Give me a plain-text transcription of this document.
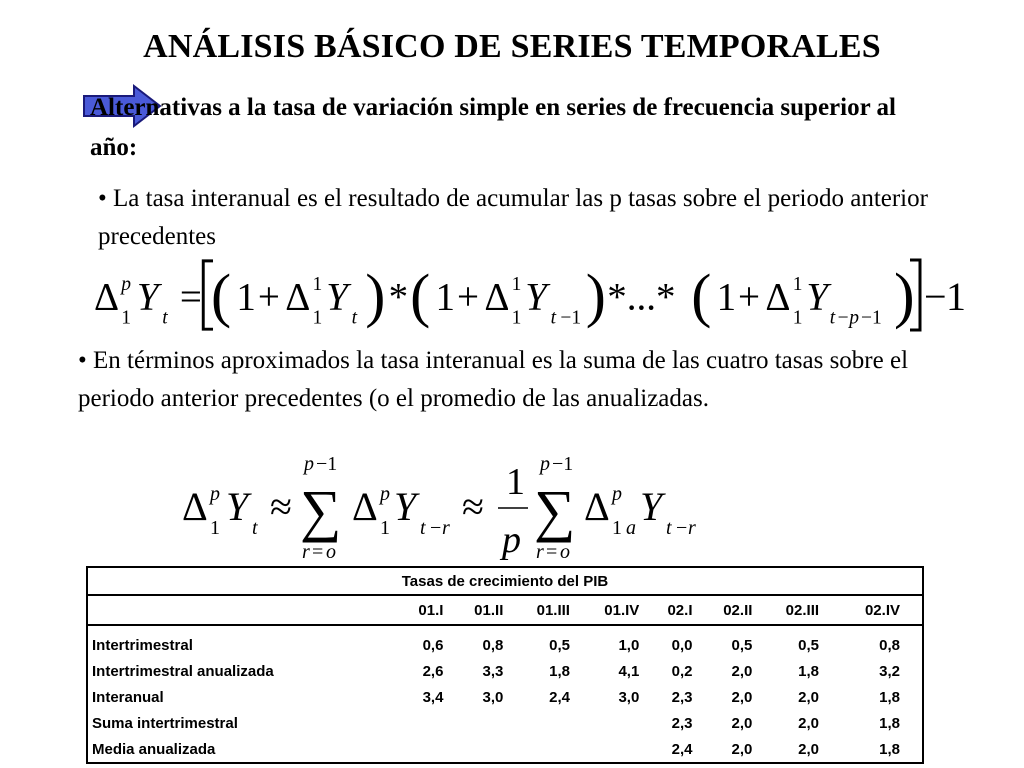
ANÁLISIS BÁSICO DE SERIES TEMPORALES
Alternativas a la tasa de variación simple en series de frecuencia superior al año:
• La tasa interanual es el resultado de acumular las p tasas sobre el periodo anterior precedentes
Δ p
1 Y t = ( 1 + Δ 1
1 Y t ) * ( 1 + Δ 1
1 Y t −1 ) *...* ( 1 + Δ 1
1 Y t − p −1 ) − 1
• En términos aproximados la tasa interanual es la suma de las cuatro tasas sobre el periodo anterior precedentes (o el promedio de las anualizadas.
Δ p
1 Y t ≈
p −1
∑
r = o
Δ p
1 Y t − r ≈
1
p
p −1
∑
r = o
Δ p
1 a Y t − r
Tasas de crecimiento del PIB								
	01.I	01.II	01.III	01.IV	02.I	02.II	02.III	02.IV
Intertrimestral	0,6	0,8	0,5	1,0	0,0	0,5	0,5	0,8
Intertrimestral anualizada	2,6	3,3	1,8	4,1	0,2	2,0	1,8	3,2
Interanual	3,4	3,0	2,4	3,0	2,3	2,0	2,0	1,8
Suma intertrimestral					2,3	2,0	2,0	1,8
Media anualizada					2,4	2,0	2,0	1,8
